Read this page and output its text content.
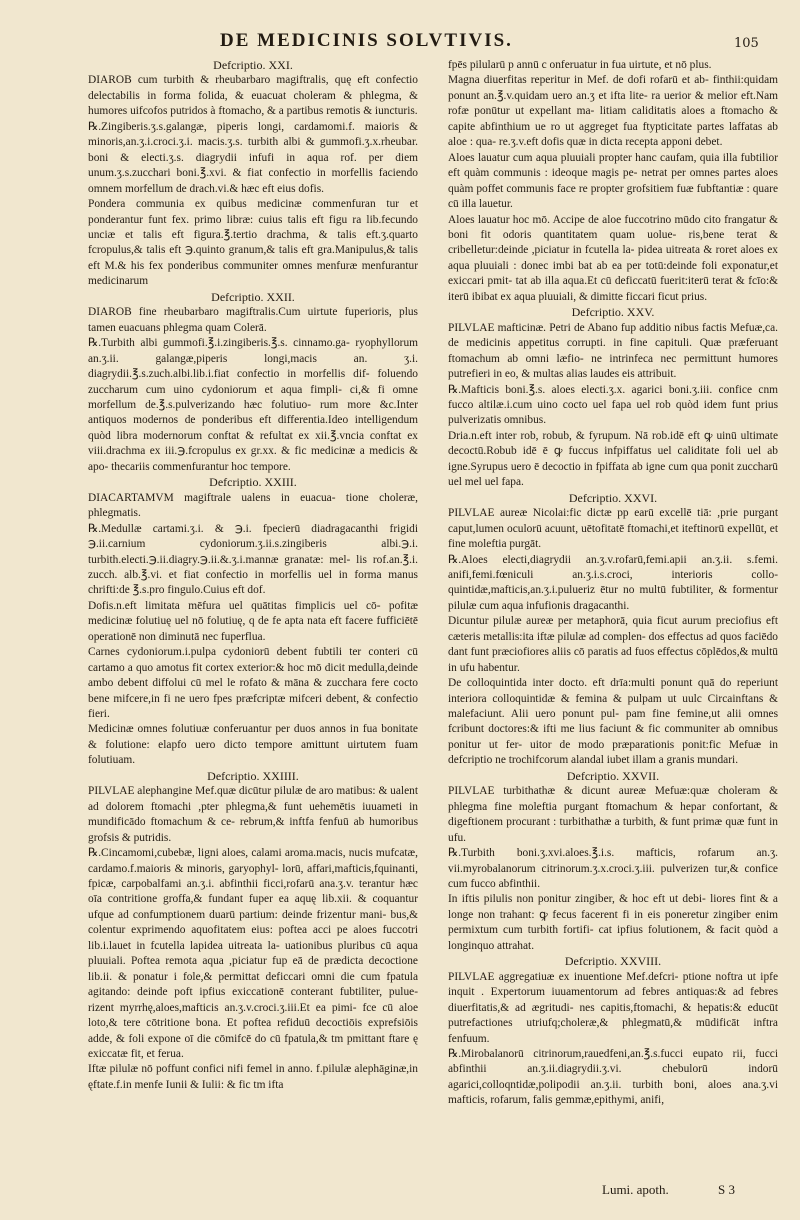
DE MEDICINIS SOLVTIVIS.	105

Defcriptio. XXI.

DIAROB cum turbith & rheubarbaro magiftralis, quę eft confectio delectabilis in forma folida, & euacuat choleram & phlegma, & humores uifcofos putridos à ftomacho, & a partibus remotis & iuncturis.

℞.Zingiberis.ʒ.s.galangæ, piperis longi, cardamomi.f. maioris & minoris,an.ʒ.i.croci.ʒ.i. macis.ʒ.s. turbith albi & gummofi.ʒ.x.rheubar. boni & electi.ʒ.s. diagrydii infufi in aqua rof. per diem unum.ʒ.s.zucchari boni.℥.xvi. & fiat confectio in morfellis faciendo omnem morfellum de drach.vi.& hæc eft eius dofis.

Pondera communia ex quibus medicinæ commenfuran tur et ponderantur funt fex. primo libræ: cuius talis eft figu ra lib.fecundo unciæ et talis eft figura.℥.tertio drachma, & talis eft.ʒ.quarto fcropulus,& talis eft ℈.quinto granum,& talis eft gra.Manipulus,& talis eft M.& his fex ponderibus communiter omnes menfuræ menfurantur medicinarum

Defcriptio. XXII.

DIAROB fine rheubarbaro magiftralis.Cum uirtute fuperioris, plus tamen euacuans phlegma quam Colerā.

℞.Turbith albi gummofi.℥.i.zingiberis.℥.s. cinnamo.ga- ryophyllorum an.ʒ.ii. galangæ,piperis longi,macis an. ʒ.i. diagrydii.℥.s.zuch.albi.lib.i.fiat confectio in morfellis dif- foluendo zuccharum cum uino cydoniorum et aqua fimpli- ci,& fi omne morfellum de.℥.s.pulverizando hæc folutiuo- rum more &c.Inter antiquos modernos de ponderibus eft differentia.Ideo intelligendum quòd libra modernorum conftat & refultat ex xii.℥.vncia conftat ex viii.drachma ex iii.℈.fcropulus ex gr.xx. & fic medicinæ a medicis & apo- thecariis commenfurantur hoc tempore.

Defcriptio. XXIII.

DIACARTAMVM magiftrale ualens in euacua- tione choleræ, phlegmatis.

℞.Medullæ cartami.ʒ.i. & ℈.i. fpecierū diadragacanthi frigidi ℈.ii.carnium cydoniorum.ʒ.ii.s.zingiberis albi.℈.i. turbith.electi.℈.ii.diagry.℈.ii.&.ʒ.i.mannæ granatæ: mel- lis rof.an.℥.i. zucch. alb.℥.vi. et fiat confectio in morfellis uel in forma manus chrifti:de ℥.s.pro fingulo.Cuius eft dof.

Dofis.n.eft limitata mēfura uel quātitas fimplicis uel cō- pofitæ medicinæ folutiuę uel nō folutiuę, q de fe apta nata eft facere fufficiētē operationē non diminutā nec fuperflua.

Carnes cydoniorum.i.pulpa cydoniorū debent fubtili ter conteri cū cartamo a quo amotus fit cortex exterior:& hoc mō dicit medulla,deinde ambo debent diffolui cū mel le rofato & māna & zucchara fere cocto bene mifcere,in fi ne uero fpes præfcriptæ mifceri debent, & confectio fieri.

Medicinæ omnes folutiuæ conferuantur per duos annos in fua bonitate & folutione: elapfo uero dicto tempore amittunt uirtutem fuam folutiuam.

Defcriptio. XXIIII.

PILVLAE alephangine Mef.quæ dicūtur pilulæ de aro matibus: & ualent ad dolorem ftomachi ,pter phlegma,& funt uehemētis iuuameti in mundificādo ftomachum & ce- rebrum,& inftfa fenfuū ab humoribus grofsis & putridis.

℞.Cincamomi,cubebæ, ligni aloes, calami aroma.macis, nucis mufcatæ, cardamo.f.maioris & minoris, garyophyl- lorū, affari,mafticis,fquinanti, fpicæ, carpobalfami an.ʒ.i. abfinthii ficci,rofarū ana.ʒ.v. terantur hæc oīa contritione groffa,& fundant fuper ea aquę lib.xii. & coquantur ufque ad confumptionem duarū partium: deinde frizentur mani- bus,& colentur exprimendo aquofitatem eius: poftea acci pe aloes fuccotri lib.i.lauet in fcutella lapidea uitreata la- uationibus pluribus cū aqua pluuiali. Poftea remota aqua ,piciatur fup eā de prædicta decoctione lib.ii. & ponatur i fole,& permittat deficcari omni die cum fpatula agitando: deinde poft ipfius exiccationē conterant fubtiliter, pulue- rizent myrrhę,aloes,mafticis an.ʒ.v.croci.ʒ.iii.Et ea pimi- fce cū aloe loto,& tere cōtritione bona. Et poftea refiduū decoctiōis exprefsiōis adde, & foli expone oī die cōmifcē do cū fpatula,& tm pmittant ftare ę exiccatæ fit, et ferua.

Iftæ pilulæ nō poffunt confici nifi femel in anno. f.pilulæ alephāginæ,in ęftate.f.in menfe Iunii & Iulii: & fic tm ifta

fpēs pilularū p annū c onferuatur in fua uirtute, et nō plus.

Magna diuerfitas reperitur in Mef. de dofi rofarū et ab- finthii:quidam ponunt an.℥.v.quidam uero an.ʒ et ifta lite- ra uerior & melior eft.Nam rofæ ponūtur ut expellant ma- litiam caliditatis aloes a ftomacho & capite abfinthium ue ro ut aggreget fua ftypticitate partes laffatas ab aloe : qua- re.ʒ.v.eft dofis quæ in dicta recepta apponi debet.

Aloes lauatur cum aqua pluuiali propter hanc caufam, quia illa fubtilior eft quàm communis : ideoque magis pe- netrat per omnes partes aloes quàm poffet communis face re propter grofsitiem fuæ fubftantiæ : quare cū illa lauetur.

Aloes lauatur hoc mō. Accipe de aloe fuccotrino mūdo cito frangatur & boni fit odoris quantitatem quam uolue- ris,bene terat & cribelletur:deinde ,piciatur in fcutella la- pidea uitreata & roret aloes ex aqua pluuiali : donec imbi bat ab ea per totū:deinde foli exponatur,et exiccari pmit- tat ab illa aqua.Et cū deficcatū fuerit:iterū terat & fcīo:& iterū ibibat ex aqua pluuiali, & dimitte ficcari ficut prius.

Defcriptio. XXV.

PILVLAE mafticinæ. Petri de Abano fup additio nibus factis Mefuæ,ca. de medicinis appetitus corrupti. in fine capituli. Quæ præferuant ftomachum ab omni læfio- ne intrinfeca nec permittunt humores putrefieri in eo, & multas alias laudes eis attribuit.

℞.Mafticis boni.℥.s. aloes electi.ʒ.x. agarici boni.ʒ.iii. confice cnm fucco altilæ.i.cum uino cocto uel fapa uel rob quòd idem funt prius pulverizatis omnibus.

Dria.n.eft inter rob, robub, & fyrupum. Nā rob.idē eft ꝙ uinū ultimate decoctū.Robub idē ē ꝙ fuccus infpiffatus uel caliditate foli uel ab igne.Syrupus uero ē decoctio in fpiffata ab igne cum qua ponit zuccharū uel mel uel fapa.

Defcriptio. XXVI.

PILVLAE aureæ Nicolai:fic dictæ pp earū excellē tiā: ,prie purgant caput,lumen oculorū acuunt, uētofitatē ftomachi,et iteftinorū expellūt, et fine moleftia purgāt.

℞.Aloes electi,diagrydii an.ʒ.v.rofarū,femi.apii an.ʒ.ii. s.femi. anifi,femi.fœniculi an.ʒ.i.s.croci, interioris collo- quintidæ,mafticis,an.ʒ.i.pulueriz ētur no multū fubtiliter, & formentur pilulæ cum aqua infufionis dragacanthi.

Dicuntur pilulæ aureæ per metaphorā, quia ficut aurum preciofius eft cæteris metallis:ita iftæ pilulæ ad complen- dos effectus ad quos faciēdo dant funt præciofiores aliis cō paratis ad fuos effectus cōplēdos,& multū in ufu habentur.

De colloquintida inter docto. eft drīa:multi ponunt quā do reperiunt interiora colloquintidæ & femina & pulpam ut uulc Circainftans & malefaciunt. Alii uero ponunt pul- pam fine femine,ut alii omnes fcribunt doctores:& ifti me lius faciunt & fic communiter ab omnibus ponitur ut fer- uitor de modo præparationis ponit:fic Mefuæ in defcriptio ne trochifcorum alandal iubet illam a granis mundari.

Defcriptio. XXVII.

PILVLAE turbithathæ & dicunt aureæ Mefuæ:quæ choleram & phlegma fine moleftia purgant ftomachum & hepar confortant, & digeftionem procurant : turbithathæ a turbith, & funt primæ quæ funt in ufu.

℞.Turbith boni.ʒ.xvi.aloes.℥.i.s. mafticis, rofarum an.ʒ. vii.myrobalanorum citrinorum.ʒ.x.croci.ʒ.iii. pulverizen tur,& confice cum fucco abfinthii.

In iftis pilulis non ponitur zingiber, & hoc eft ut debi- liores fint & a longe non trahant: ꝙ fecus facerent fi in eis poneretur zingiber enim permixtum cum turbith fortifi- cat ipfius folutionem, & facit quòd a longinquo attrahat.

Defcriptio. XXVIII.

PILVLAE aggregatiuæ ex inuentione Mef.defcri- ptione noftra ut ipfe inquit . Expertorum iuuamentorum ad febres antiquas:& ad febres diuerfitatis,& ad ægritudi- nes capitis,ftomachi, & hepatis:& educūt putrefactiones utriufq;choleræ,& phlegmatū,& mūdificāt inftra fenfuum.

℞.Mirobalanorū citrinorum,rauedfeni,an.℥.s.fucci eupato rii, fucci abfinthii an.ʒ.ii.diagrydii.ʒ.vi. chebulorū indorū agarici,colloqntidæ,polipodii an.ʒ.ii. turbith boni, aloes ana.ʒ.vi mafticis, rofarum, falis gemmæ,epithymi, anifi,

Lumi. apoth.	S 3
